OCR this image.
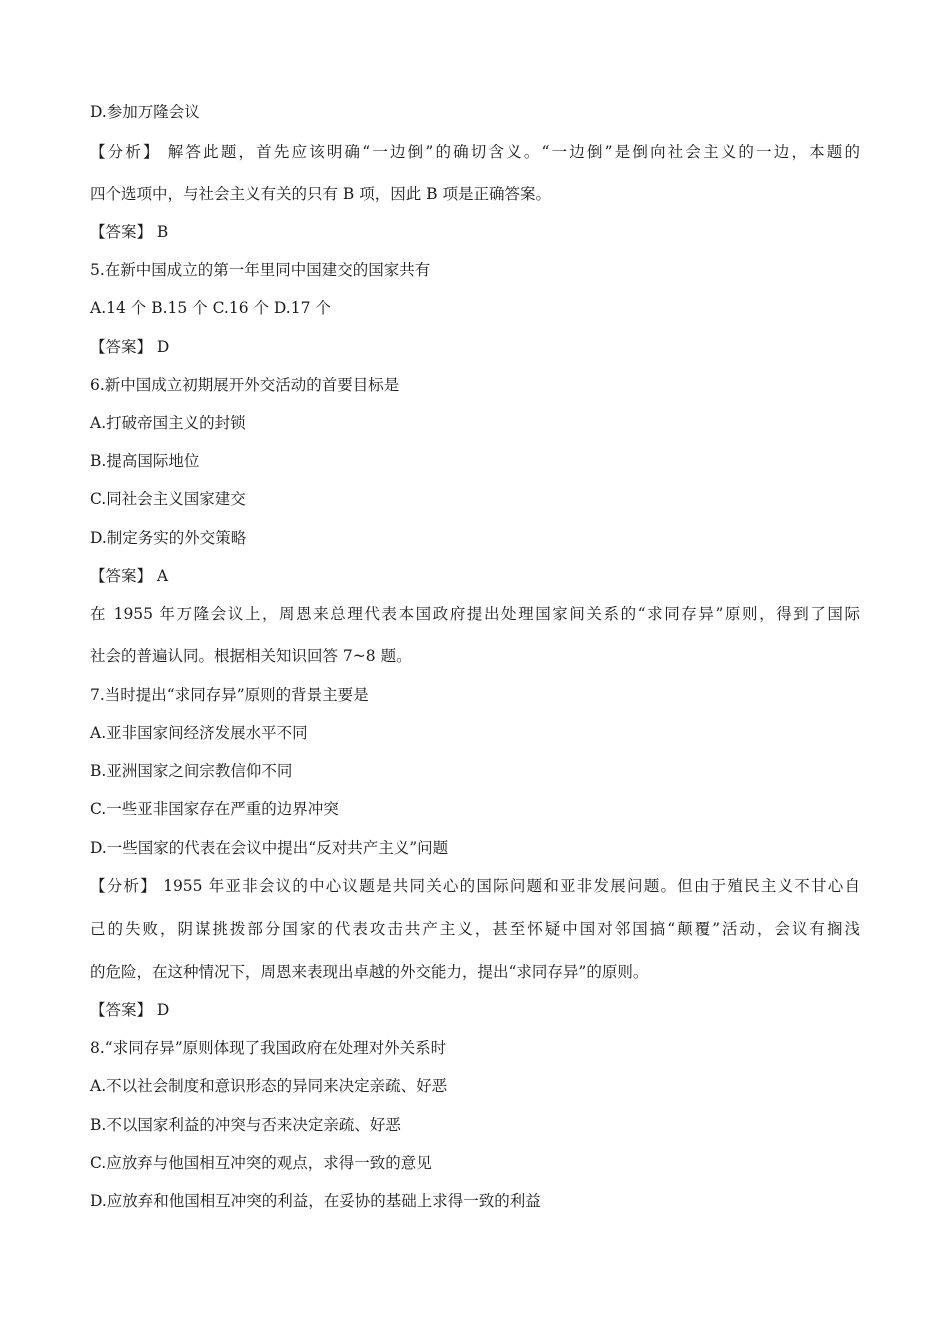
D.参加万隆会议
【分析】 解答此题，首先应该明确“一边倒”的确切含义。“一边倒”是倒向社会主义的一边，本题的
四个选项中，与社会主义有关的只有 B 项，因此 B 项是正确答案。
【答案】 B
5.在新中国成立的第一年里同中国建交的国家共有
A.14 个 B.15 个 C.16 个 D.17 个
【答案】 D
6.新中国成立初期展开外交活动的首要目标是
A.打破帝国主义的封锁
B.提高国际地位
C.同社会主义国家建交
D.制定务实的外交策略
【答案】 A
在 1955 年万隆会议上，周恩来总理代表本国政府提出处理国家间关系的“求同存异”原则，得到了国际
社会的普遍认同。根据相关知识回答 7~8 题。
7.当时提出“求同存异”原则的背景主要是
A.亚非国家间经济发展水平不同
B.亚洲国家之间宗教信仰不同
C.一些亚非国家存在严重的边界冲突
D.一些国家的代表在会议中提出“反对共产主义”问题
【分析】 1955 年亚非会议的中心议题是共同关心的国际问题和亚非发展问题。但由于殖民主义不甘心自
己的失败，阴谋挑拨部分国家的代表攻击共产主义，甚至怀疑中国对邻国搞“颠覆”活动，会议有搁浅
的危险，在这种情况下，周恩来表现出卓越的外交能力，提出“求同存异”的原则。
【答案】 D
8.“求同存异”原则体现了我国政府在处理对外关系时
A.不以社会制度和意识形态的异同来决定亲疏、好恶
B.不以国家利益的冲突与否来决定亲疏、好恶
C.应放弃与他国相互冲突的观点，求得一致的意见
D.应放弃和他国相互冲突的利益，在妥协的基础上求得一致的利益
